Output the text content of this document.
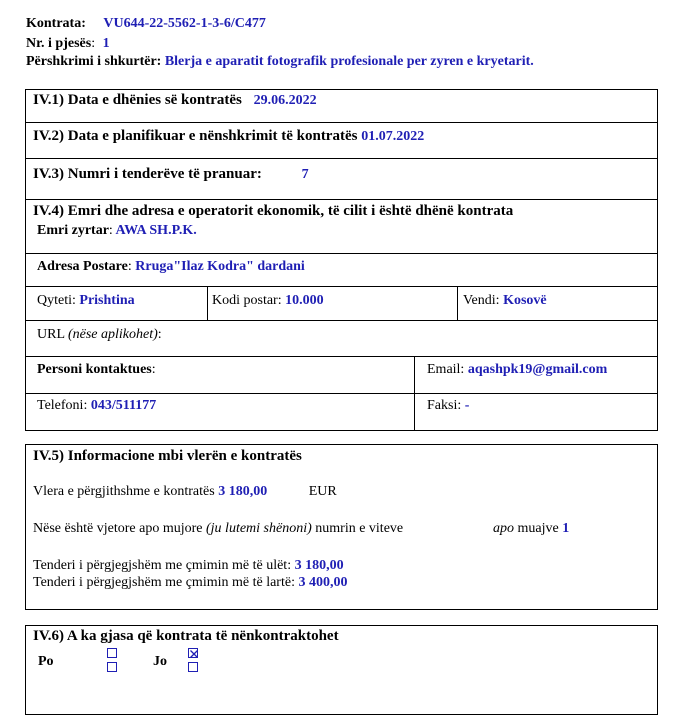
Kontrata: VU644-22-5562-1-3-6/C477
Nr. i pjesës: 1
Përshkrimi i shkurtër: Blerja e aparatit fotografik profesionale per zyren e kryetarit.
IV.1) Data e dhënies së kontratës 29.06.2022
IV.2) Data e planifikuar e nënshkrimit të kontratës 01.07.2022
IV.3) Numri i tenderëve të pranuar:	7
IV.4) Emri dhe adresa e operatorit ekonomik, të cilit i është dhënë kontrata
Emri zyrtar: AWA SH.P.K.
Adresa Postare: Rruga"Ilaz Kodra" dardani
Qyteti: Prishtina	Kodi postar: 10.000	Vendi: Kosovë
URL (nëse aplikohet):
Personi kontaktues:	Email: aqashpk19@gmail.com
Telefoni: 043/511177	Faksi: -
IV.5) Informacione mbi vlerën e kontratës
Vlera e përgjithshme e kontratës 3 180,00	EUR
Nëse është vjetore apo mujore (ju lutemi shënoni) numrin e viteve	apo muajve 1
Tenderi i përgjegjshëm me çmimin më të ulët: 3 180,00
Tenderi i përgjegjshëm me çmimin më të lartë: 3 400,00
IV.6) A ka gjasa që kontrata të nënkontraktohet
Po	Jo
